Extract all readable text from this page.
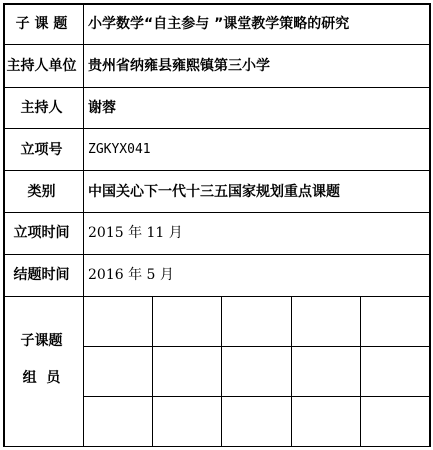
子 课 题	小学数学“自主参与 ”课堂教学策略的研究
主持人单位 贵州省纳雍县雍熙镇第三小学
主持人	谢蓉
立项号	ZGKYX041
类别	中国关心下一代十三五国家规划重点课题
立项时间	2015 年 11 月
结题时间	2016 年 5 月
子课题
组  员
